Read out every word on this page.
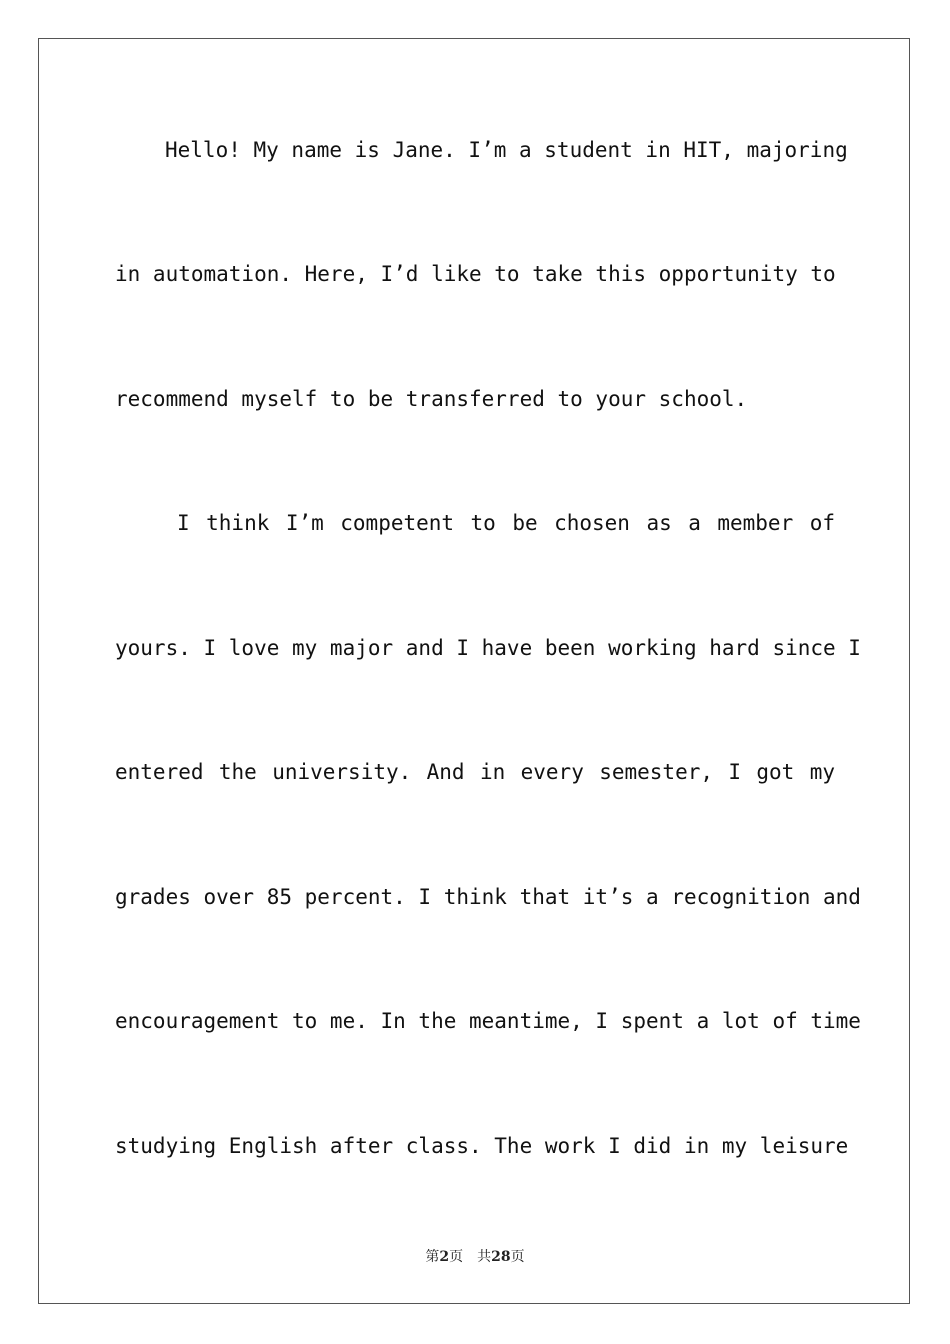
Hello! My name is Jane. I’m a student in HIT, majoring
in automation. Here, I’d like to take this opportunity to
recommend myself to be transferred to your school.
I think I’m competent to be chosen as a member of
yours. I love my major and I have been working hard since I
entered the university. And in every semester, I got my
grades over 85 percent. I think that it’s a recognition and
encouragement to me. In the meantime, I spent a lot of time
studying English after class. The work I did in my leisure
第2页 共28页
